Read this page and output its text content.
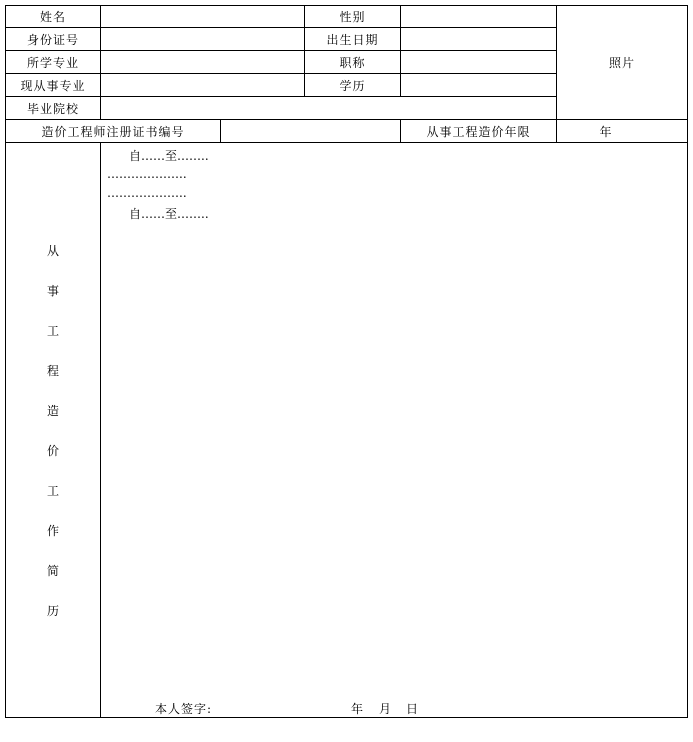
姓名	性别
身份证号	出生日期
所学专业	职称
现从事专业	学历
毕业院校
照片
造价工程师注册证书编号	从事工程造价年限	年
从
事
工
程
造
价
工
作
简
历
自……至……..
………………..
………………..
自……至……..
本人签字:	年 月 日
